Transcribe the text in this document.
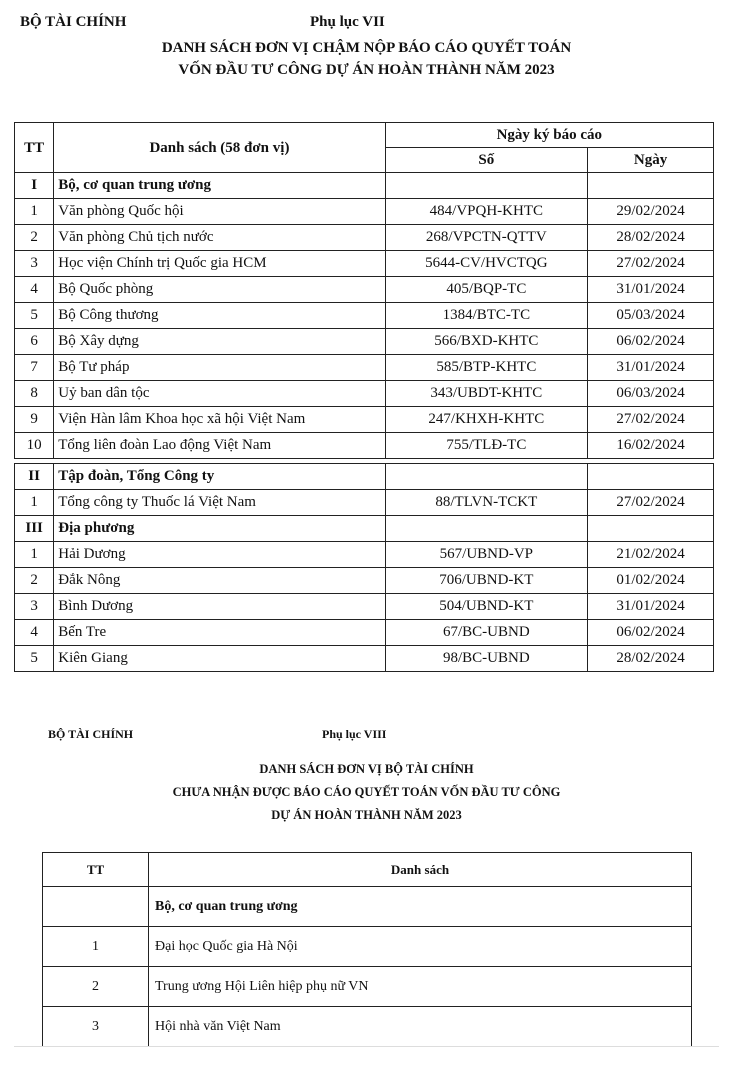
BỘ TÀI CHÍNH	Phụ lục VII
DANH SÁCH ĐƠN VỊ CHẬM NỘP BÁO CÁO QUYẾT TOÁN
VỐN ĐẦU TƯ CÔNG DỰ ÁN HOÀN THÀNH NĂM 2023
TT	Danh sách (58 đơn vị)	Ngày ký báo cáo	
		Số	Ngày
I	Bộ, cơ quan trung ương		
1	Văn phòng Quốc hội	484/VPQH-KHTC	29/02/2024
2	Văn phòng Chủ tịch nước	268/VPCTN-QTTV	28/02/2024
3	Học viện Chính trị Quốc gia HCM	5644-CV/HVCTQG	27/02/2024
4	Bộ Quốc phòng	405/BQP-TC	31/01/2024
5	Bộ Công thương	1384/BTC-TC	05/03/2024
6	Bộ Xây dựng	566/BXD-KHTC	06/02/2024
7	Bộ Tư pháp	585/BTP-KHTC	31/01/2024
8	Uỷ ban dân tộc	343/UBDT-KHTC	06/03/2024
9	Viện Hàn lâm Khoa học xã hội Việt Nam	247/KHXH-KHTC	27/02/2024
10	Tổng liên đoàn Lao động Việt Nam	755/TLĐ-TC	16/02/2024

II	Tập đoàn, Tổng Công ty		
1	Tổng công ty Thuốc lá Việt Nam	88/TLVN-TCKT	27/02/2024
III	Địa phương		
1	Hải Dương	567/UBND-VP	21/02/2024
2	Đắk Nông	706/UBND-KT	01/02/2024
3	Bình Dương	504/UBND-KT	31/01/2024
4	Bến Tre	67/BC-UBND	06/02/2024
5	Kiên Giang	98/BC-UBND	28/02/2024
BỘ TÀI CHÍNH	Phụ lục VIII
DANH SÁCH ĐƠN VỊ BỘ TÀI CHÍNH
CHƯA NHẬN ĐƯỢC BÁO CÁO QUYẾT TOÁN VỐN ĐẦU TƯ CÔNG
DỰ ÁN HOÀN THÀNH NĂM 2023
TT	Danh sách
	Bộ, cơ quan trung ương
1	Đại học Quốc gia Hà Nội
2	Trung ương Hội Liên hiệp phụ nữ VN
3	Hội nhà văn Việt Nam
